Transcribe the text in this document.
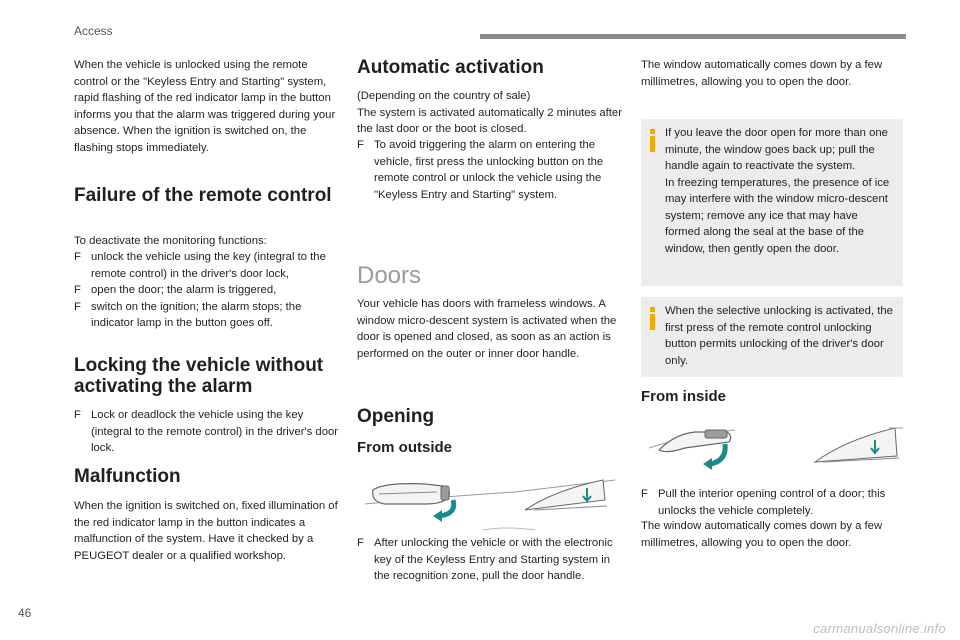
Access
46

When the vehicle is unlocked using the remote control or the "Keyless Entry and Starting" system, rapid flashing of the red indicator lamp in the button informs you that the alarm was triggered during your absence. When the ignition is switched on, the flashing stops immediately.

Failure of the remote control

To deactivate the monitoring functions:

F unlock the vehicle using the key (integral to the remote control) in the driver's door lock,
F open the door; the alarm is triggered,
F switch on the ignition; the alarm stops; the indicator lamp in the button goes off.
Locking the vehicle without activating the alarm
F Lock or deadlock the vehicle using the key (integral to the remote control) in the driver's door lock.
Malfunction

When the ignition is switched on, fixed illumination of the red indicator lamp in the button indicates a malfunction of the system. Have it checked by a PEUGEOT dealer or a qualified workshop.

Automatic activation

(Depending on the country of sale)
The system is activated automatically 2 minutes after the last door or the boot is closed.

F To avoid triggering the alarm on entering the vehicle, first press the unlocking button on the remote control or unlock the vehicle using the "Keyless Entry and Starting" system.
Doors

Your vehicle has doors with frameless windows. A window micro-descent system is activated when the door is opened and closed, as soon as an action is performed on the outer or inner door handle.

Opening
From outside
F After unlocking the vehicle or with the electronic key of the Keyless Entry and Starting system in the recognition zone, pull the door handle.

The window automatically comes down by a few millimetres, allowing you to open the door.

If you leave the door open for more than one minute, the window goes back up; pull the handle again to reactivate the system.
In freezing temperatures, the presence of ice may interfere with the window micro-descent system; remove any ice that may have formed along the seal at the base of the window, then gently open the door.

When the selective unlocking is activated, the first press of the remote control unlocking button permits unlocking of the driver's door only.

From inside
F Pull the interior opening control of a door; this unlocks the vehicle completely.

The window automatically comes down by a few millimetres, allowing you to open the door.

carmanualsonline.info
